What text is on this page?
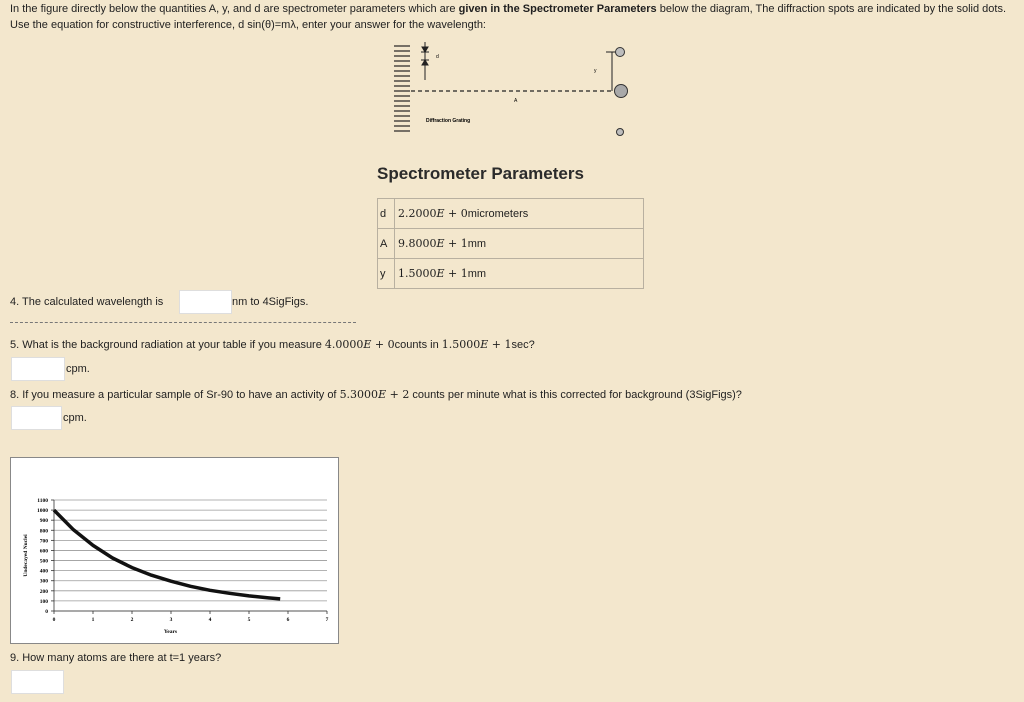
In the figure directly below the quantities A, y, and d are spectrometer parameters which are given in the Spectrometer Parameters below the diagram, The diffraction spots are indicated by the solid dots. Use the equation for constructive interference, d sin(θ)=mλ, enter your answer for the wavelength:
d
A
Diffraction Grating
y
Spectrometer Parameters
d	2.2000E + 0micrometers
A	9.8000E + 1mm
y	1.5000E + 1mm
4. The calculated wavelength is	nm to 4SigFigs.
5. What is the background radiation at your table if you measure 4.0000E + 0counts in 1.5000E + 1sec?
cpm.
8. If you measure a particular sample of Sr-90 to have an activity of 5.3000E + 2 counts per minute what is this corrected for background (3SigFigs)?
cpm.
0
100
200
300
400
500
600
700
800
900
1000
1100
0	1	2	3	4	5	6	7
Years
Undecayed Nuclei
9. How many atoms are there at t=1 years?
